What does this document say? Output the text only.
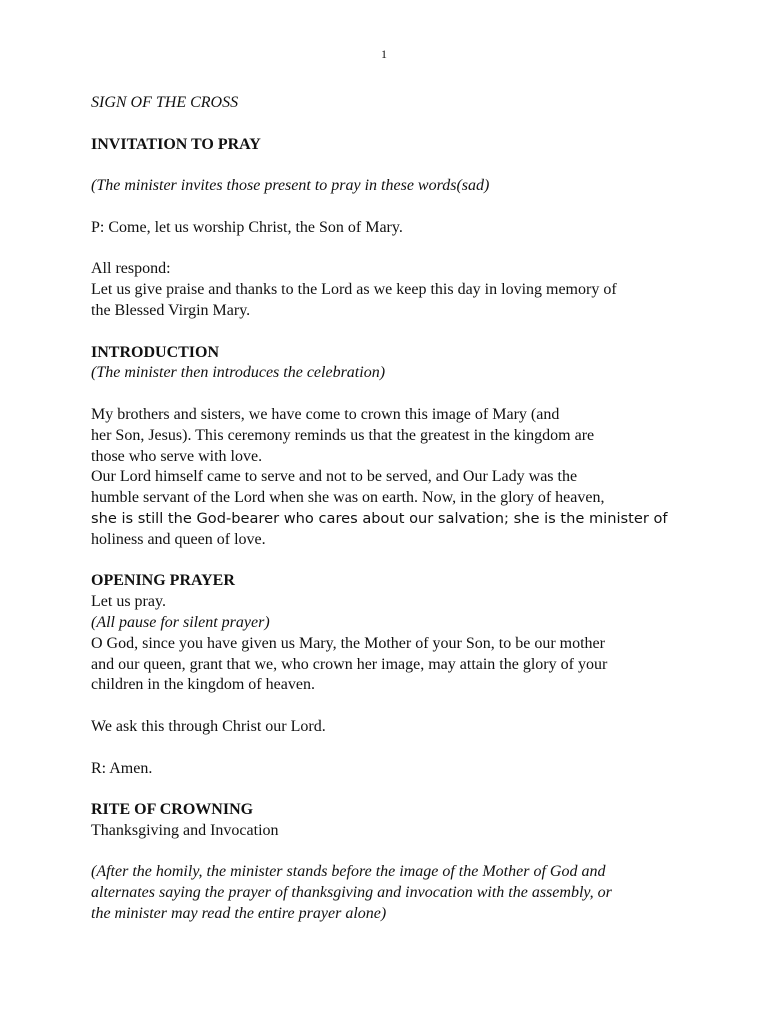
1
SIGN OF THE CROSS
INVITATION TO PRAY
(The minister invites those present to pray in these words(sad)
P: Come, let us worship Christ, the Son of Mary.
All respond:
Let us give praise and thanks to the Lord as we keep this day in loving memory of
the Blessed Virgin Mary.
INTRODUCTION
(The minister then introduces the celebration)
My brothers and sisters, we have come to crown this image of Mary (and
her Son, Jesus). This ceremony reminds us that the greatest in the kingdom are
those who serve with love.
Our Lord himself came to serve and not to be served, and Our Lady was the
humble servant of the Lord when she was on earth. Now, in the glory of heaven,
she is still the God-bearer who cares about our salvation; she is the minister of
holiness and queen of love.
OPENING PRAYER
Let us pray.
(All pause for silent prayer)
O God, since you have given us Mary, the Mother of your Son, to be our mother
and our queen, grant that we, who crown her image, may attain the glory of your
children in the kingdom of heaven.
We ask this through Christ our Lord.
R: Amen.
RITE OF CROWNING
Thanksgiving and Invocation
(After the homily, the minister stands before the image of the Mother of God and
alternates saying the prayer of thanksgiving and invocation with the assembly, or
the minister may read the entire prayer alone)
